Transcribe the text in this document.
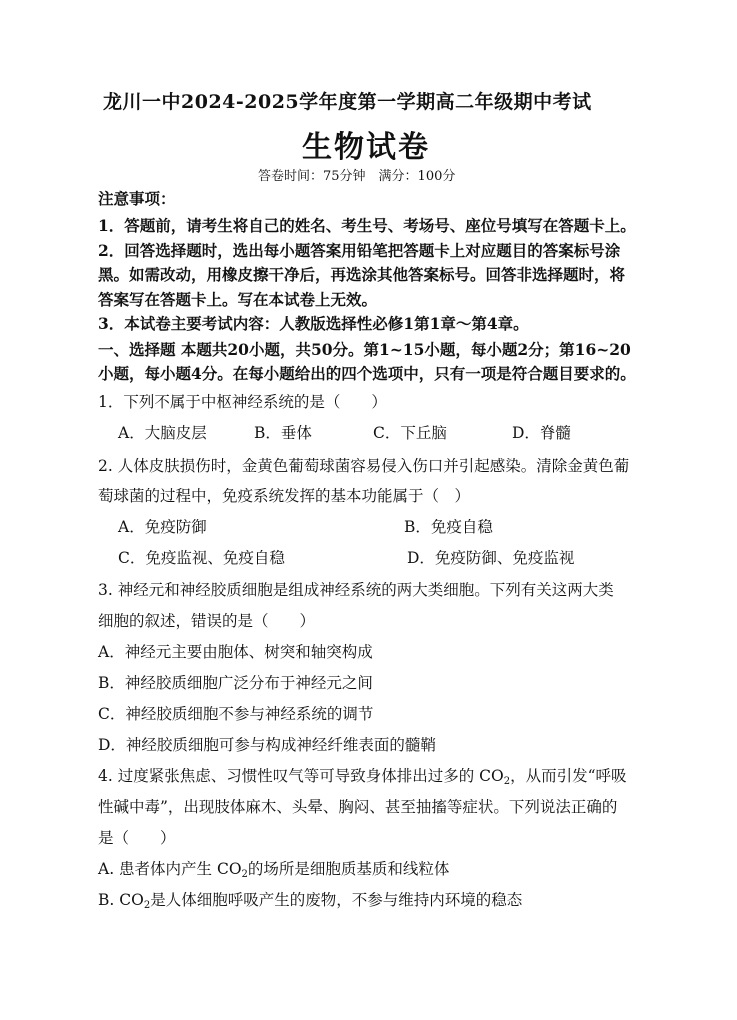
龙川一中2024-2025学年度第一学期高二年级期中考试
生物试卷
答卷时间：75分钟　满分：100分
注意事项：
1．答题前，请考生将自己的姓名、考生号、考场号、座位号填写在答题卡上。
2．回答选择题时，选出每小题答案用铅笔把答题卡上对应题目的答案标号涂
黑。如需改动，用橡皮擦干净后，再选涂其他答案标号。回答非选择题时，将
答案写在答题卡上。写在本试卷上无效。
3．本试卷主要考试内容：人教版选择性必修1第1章～第4章。
一、选择题 本题共20小题，共50分。第1~15小题，每小题2分；第16~20
小题，每小题4分。在每小题给出的四个选项中，只有一项是符合题目要求的。
1．下列不属于中枢神经系统的是（　　）
A．大脑皮层	B．垂体	C．下丘脑	D．脊髓
2. 人体皮肤损伤时，金黄色葡萄球菌容易侵入伤口并引起感染。清除金黄色葡
萄球菌的过程中，免疫系统发挥的基本功能属于（　）
A．免疫防御	B．免疫自稳
C．免疫监视、免疫自稳	D．免疫防御、免疫监视
3. 神经元和神经胶质细胞是组成神经系统的两大类细胞。下列有关这两大类
细胞的叙述，错误的是（　　）
A．神经元主要由胞体、树突和轴突构成
B．神经胶质细胞广泛分布于神经元之间
C．神经胶质细胞不参与神经系统的调节
D．神经胶质细胞可参与构成神经纤维表面的髓鞘
4. 过度紧张焦虑、习惯性叹气等可导致身体排出过多的 $CO_2$，从而引发“呼吸
性碱中毒”，出现肢体麻木、头晕、胸闷、甚至抽搐等症状。下列说法正确的
是（　　）
A. 患者体内产生 $CO_2$的场所是细胞质基质和线粒体
B. $CO_2$是人体细胞呼吸产生的废物，不参与维持内环境的稳态
